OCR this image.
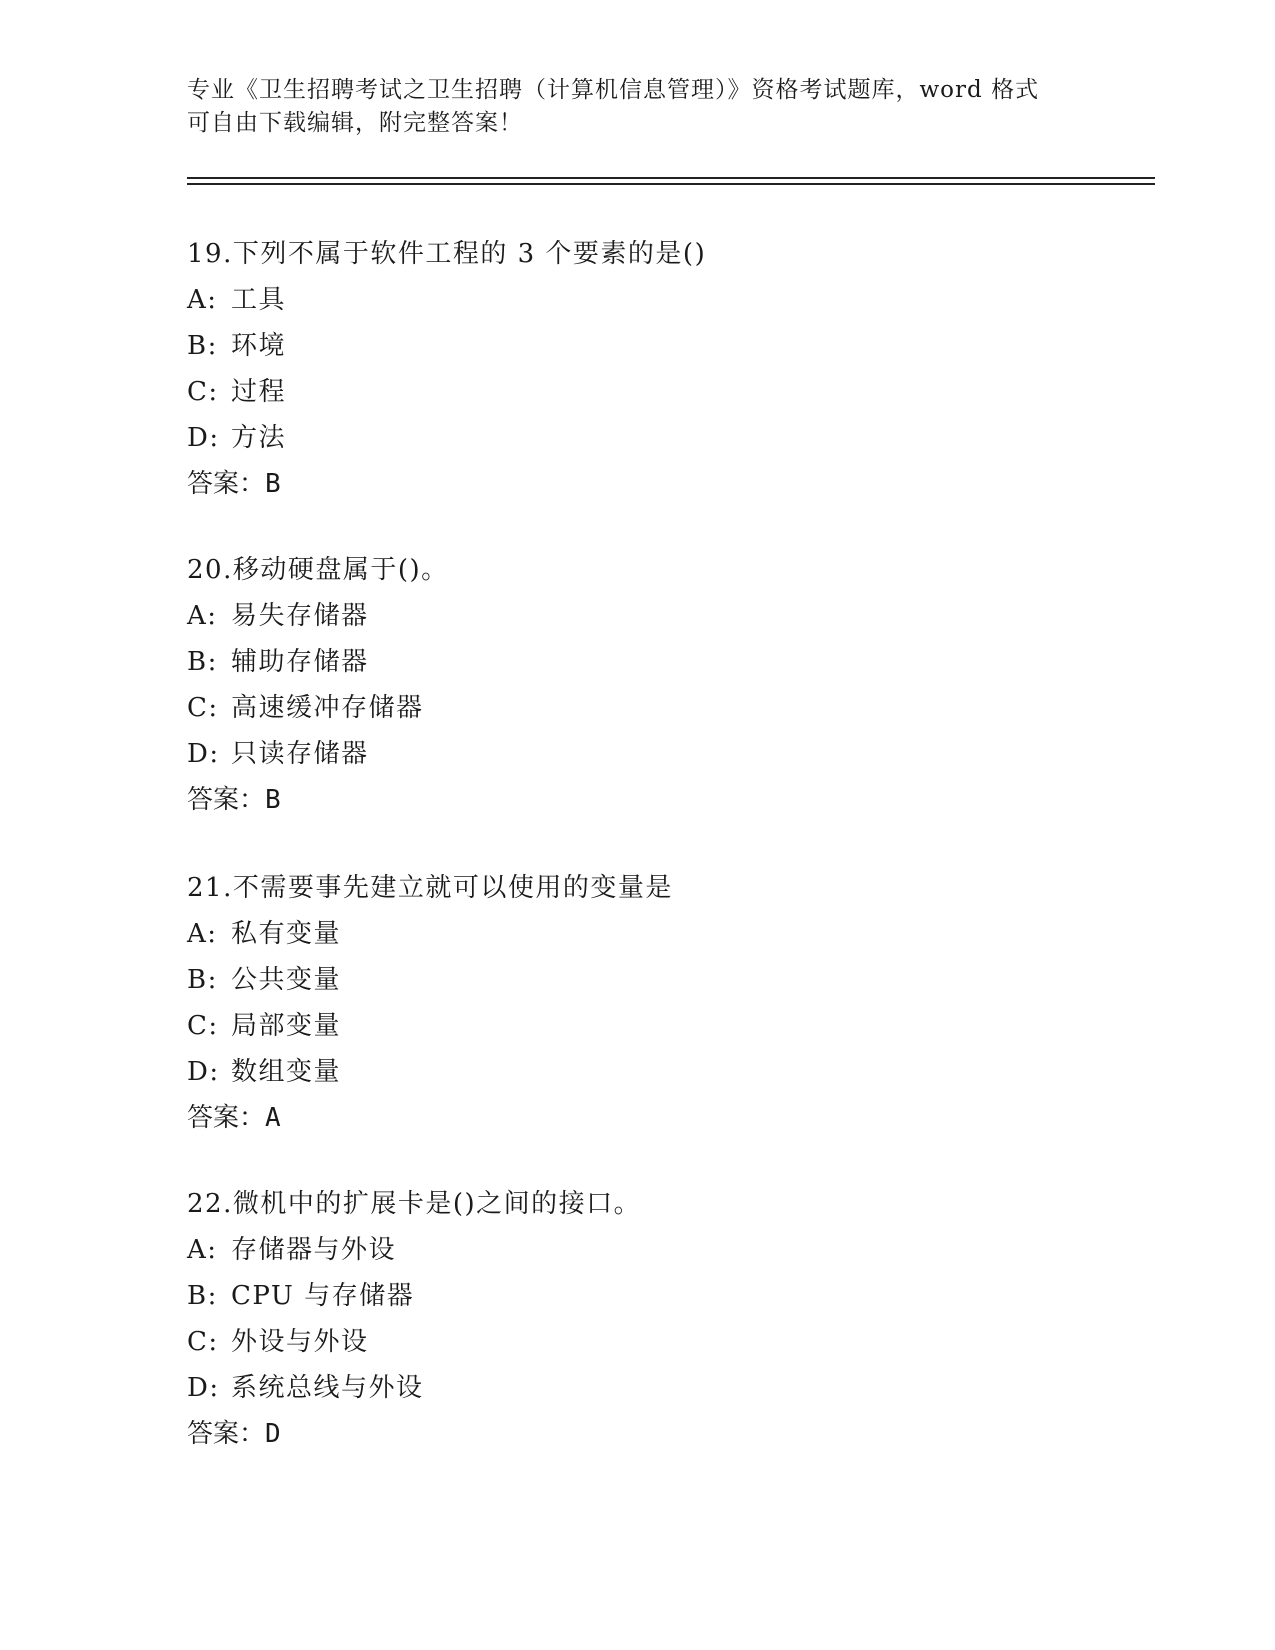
专业《卫生招聘考试之卫生招聘（计算机信息管理）》资格考试题库，word 格式
可自由下载编辑，附完整答案！
19.下列不属于软件工程的 3 个要素的是()
A: 工具
B: 环境
C: 过程
D: 方法
答案：B
20.移动硬盘属于()。
A: 易失存储器
B: 辅助存储器
C: 高速缓冲存储器
D: 只读存储器
答案：B
21.不需要事先建立就可以使用的变量是
A: 私有变量
B: 公共变量
C: 局部变量
D: 数组变量
答案：A
22.微机中的扩展卡是()之间的接口。
A: 存储器与外设
B: CPU 与存储器
C: 外设与外设
D: 系统总线与外设
答案：D
